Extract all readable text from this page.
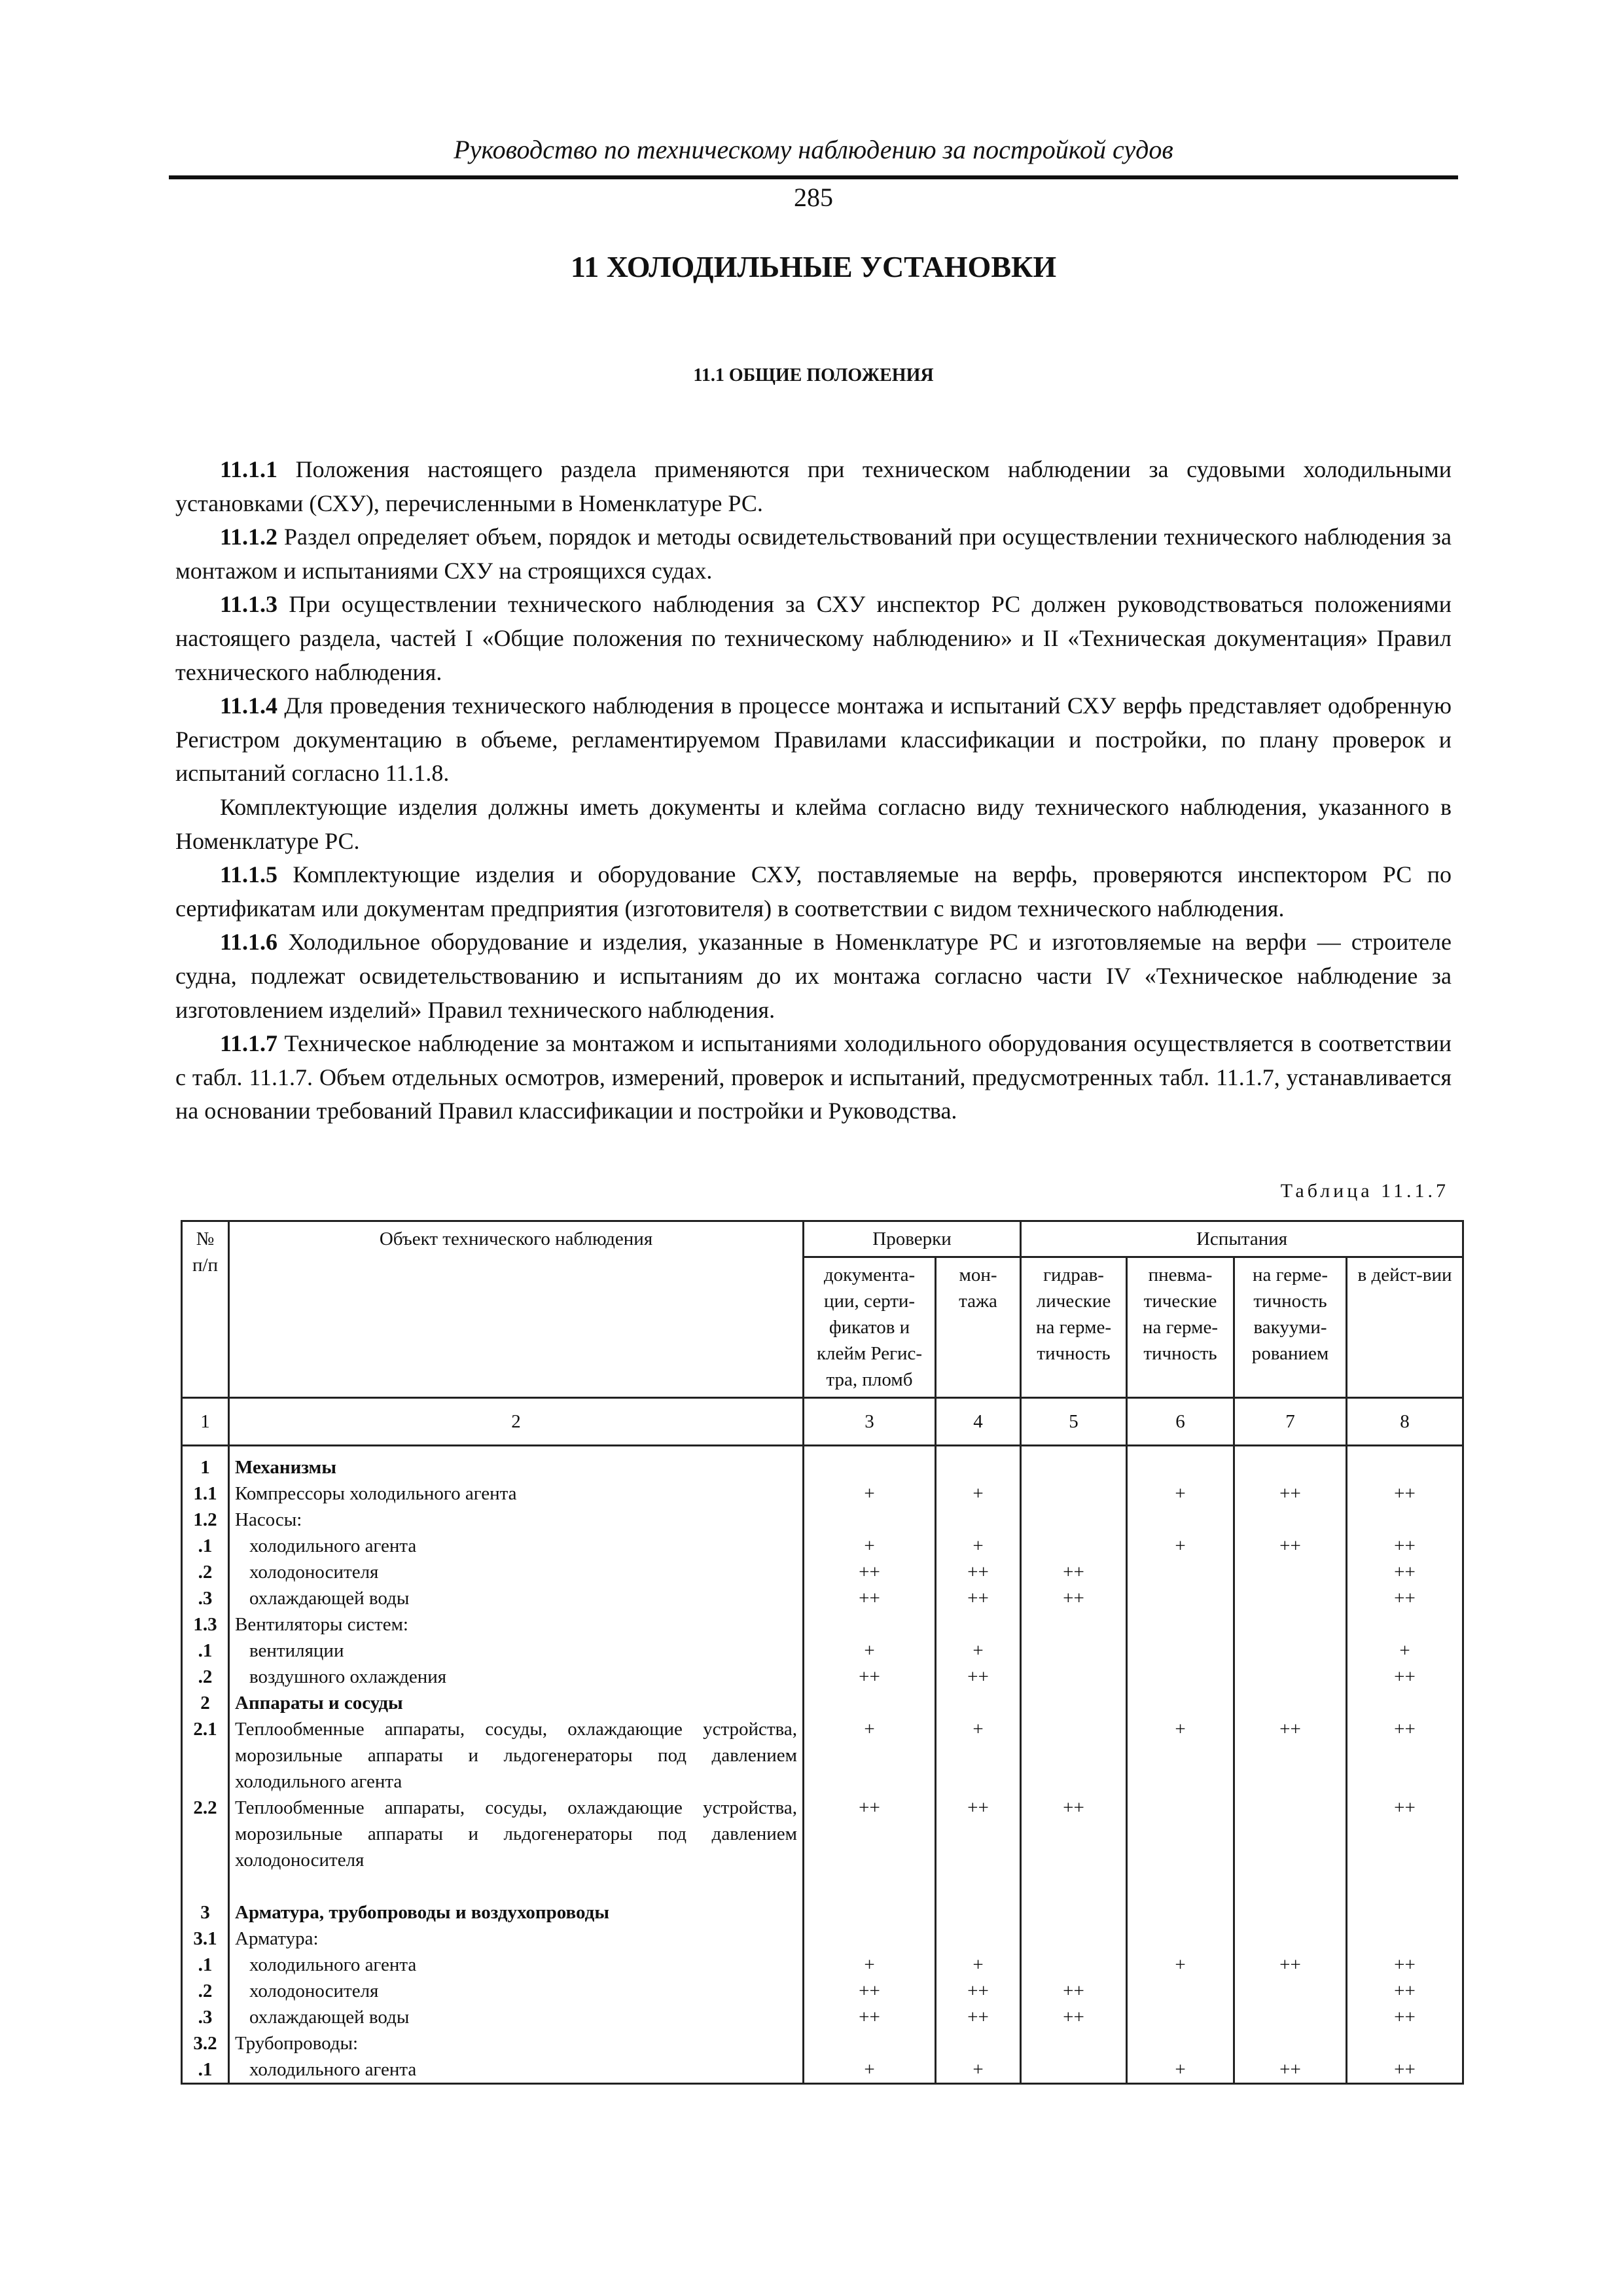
Руководство по техническому наблюдению за постройкой судов
285
11 ХОЛОДИЛЬНЫЕ УСТАНОВКИ
11.1 ОБЩИЕ ПОЛОЖЕНИЯ

11.1.1 Положения настоящего раздела применяются при техническом наблюдении за судовыми холодильными установками (СХУ), перечисленными в Номенклатуре РС.

11.1.2 Раздел определяет объем, порядок и методы освидетельствований при осуществлении технического наблюдения за монтажом и испытаниями СХУ на строящихся судах.

11.1.3 При осуществлении технического наблюдения за СХУ инспектор РС должен руководствоваться положениями настоящего раздела, частей I «Общие положения по техническому наблюдению» и II «Техническая документация» Правил технического наблюдения.

11.1.4 Для проведения технического наблюдения в процессе монтажа и испытаний СХУ верфь представляет одобренную Регистром документацию в объеме, регламентируемом Правилами классификации и постройки, по плану проверок и испытаний согласно 11.1.8.

Комплектующие изделия должны иметь документы и клейма согласно виду технического наблюдения, указанного в Номенклатуре РС.

11.1.5 Комплектующие изделия и оборудование СХУ, поставляемые на верфь, проверяются инспектором РС по сертификатам или документам предприятия (изготовителя) в соответствии с видом технического наблюдения.

11.1.6 Холодильное оборудование и изделия, указанные в Номенклатуре РС и изготовляемые на верфи — строителе судна, подлежат освидетельствованию и испытаниям до их монтажа согласно части IV «Техническое наблюдение за изготовлением изделий» Правил технического наблюдения.

11.1.7 Техническое наблюдение за монтажом и испытаниями холодильного оборудования осуществляется в соответствии с табл. 11.1.7. Объем отдельных осмотров, измерений, проверок и испытаний, предусмотренных табл. 11.1.7, устанавливается на основании требований Правил классификации и постройки и Руководства.

Таблица 11.1.7
№ п/п	Объект технического наблюдения	Проверки		Испытания			
		документа-ции, серти-фикатов и клейм Регис-тра, пломб	мон-тажа	гидрав-лические на герме-тичность	пневма-тические на герме-тичность	на герме-тичность вакууми-рованием	в дейст-вии
1	2	3	4	5	6	7	8
1	Механизмы						
1.1	Компрессоры холодильного агента	+	+		+	++	++
1.2	Насосы:						
.1	холодильного агента	+	+		+	++	++
.2	холодоносителя	++	++	++			++
.3	охлаждающей воды	++	++	++			++
1.3	Вентиляторы систем:						
.1	вентиляции	+	+				+
.2	воздушного охлаждения	++	++				++
2	Аппараты и сосуды						
2.1	Теплообменные аппараты, сосуды, охлаждающие устройства, морозильные аппараты и льдогенераторы под давлением холодильного агента	+	+		+	++	++
2.2	Теплообменные аппараты, сосуды, охлаждающие устройства, морозильные аппараты и льдогенераторы под давлением холодоносителя	++	++	++			++

3	Арматура, трубопроводы и воздухопроводы						
3.1	Арматура:						
.1	холодильного агента	+	+		+	++	++
.2	холодоносителя	++	++	++			++
.3	охлаждающей воды	++	++	++			++
3.2	Трубопроводы:						
.1	холодильного агента	+	+		+	++	++
